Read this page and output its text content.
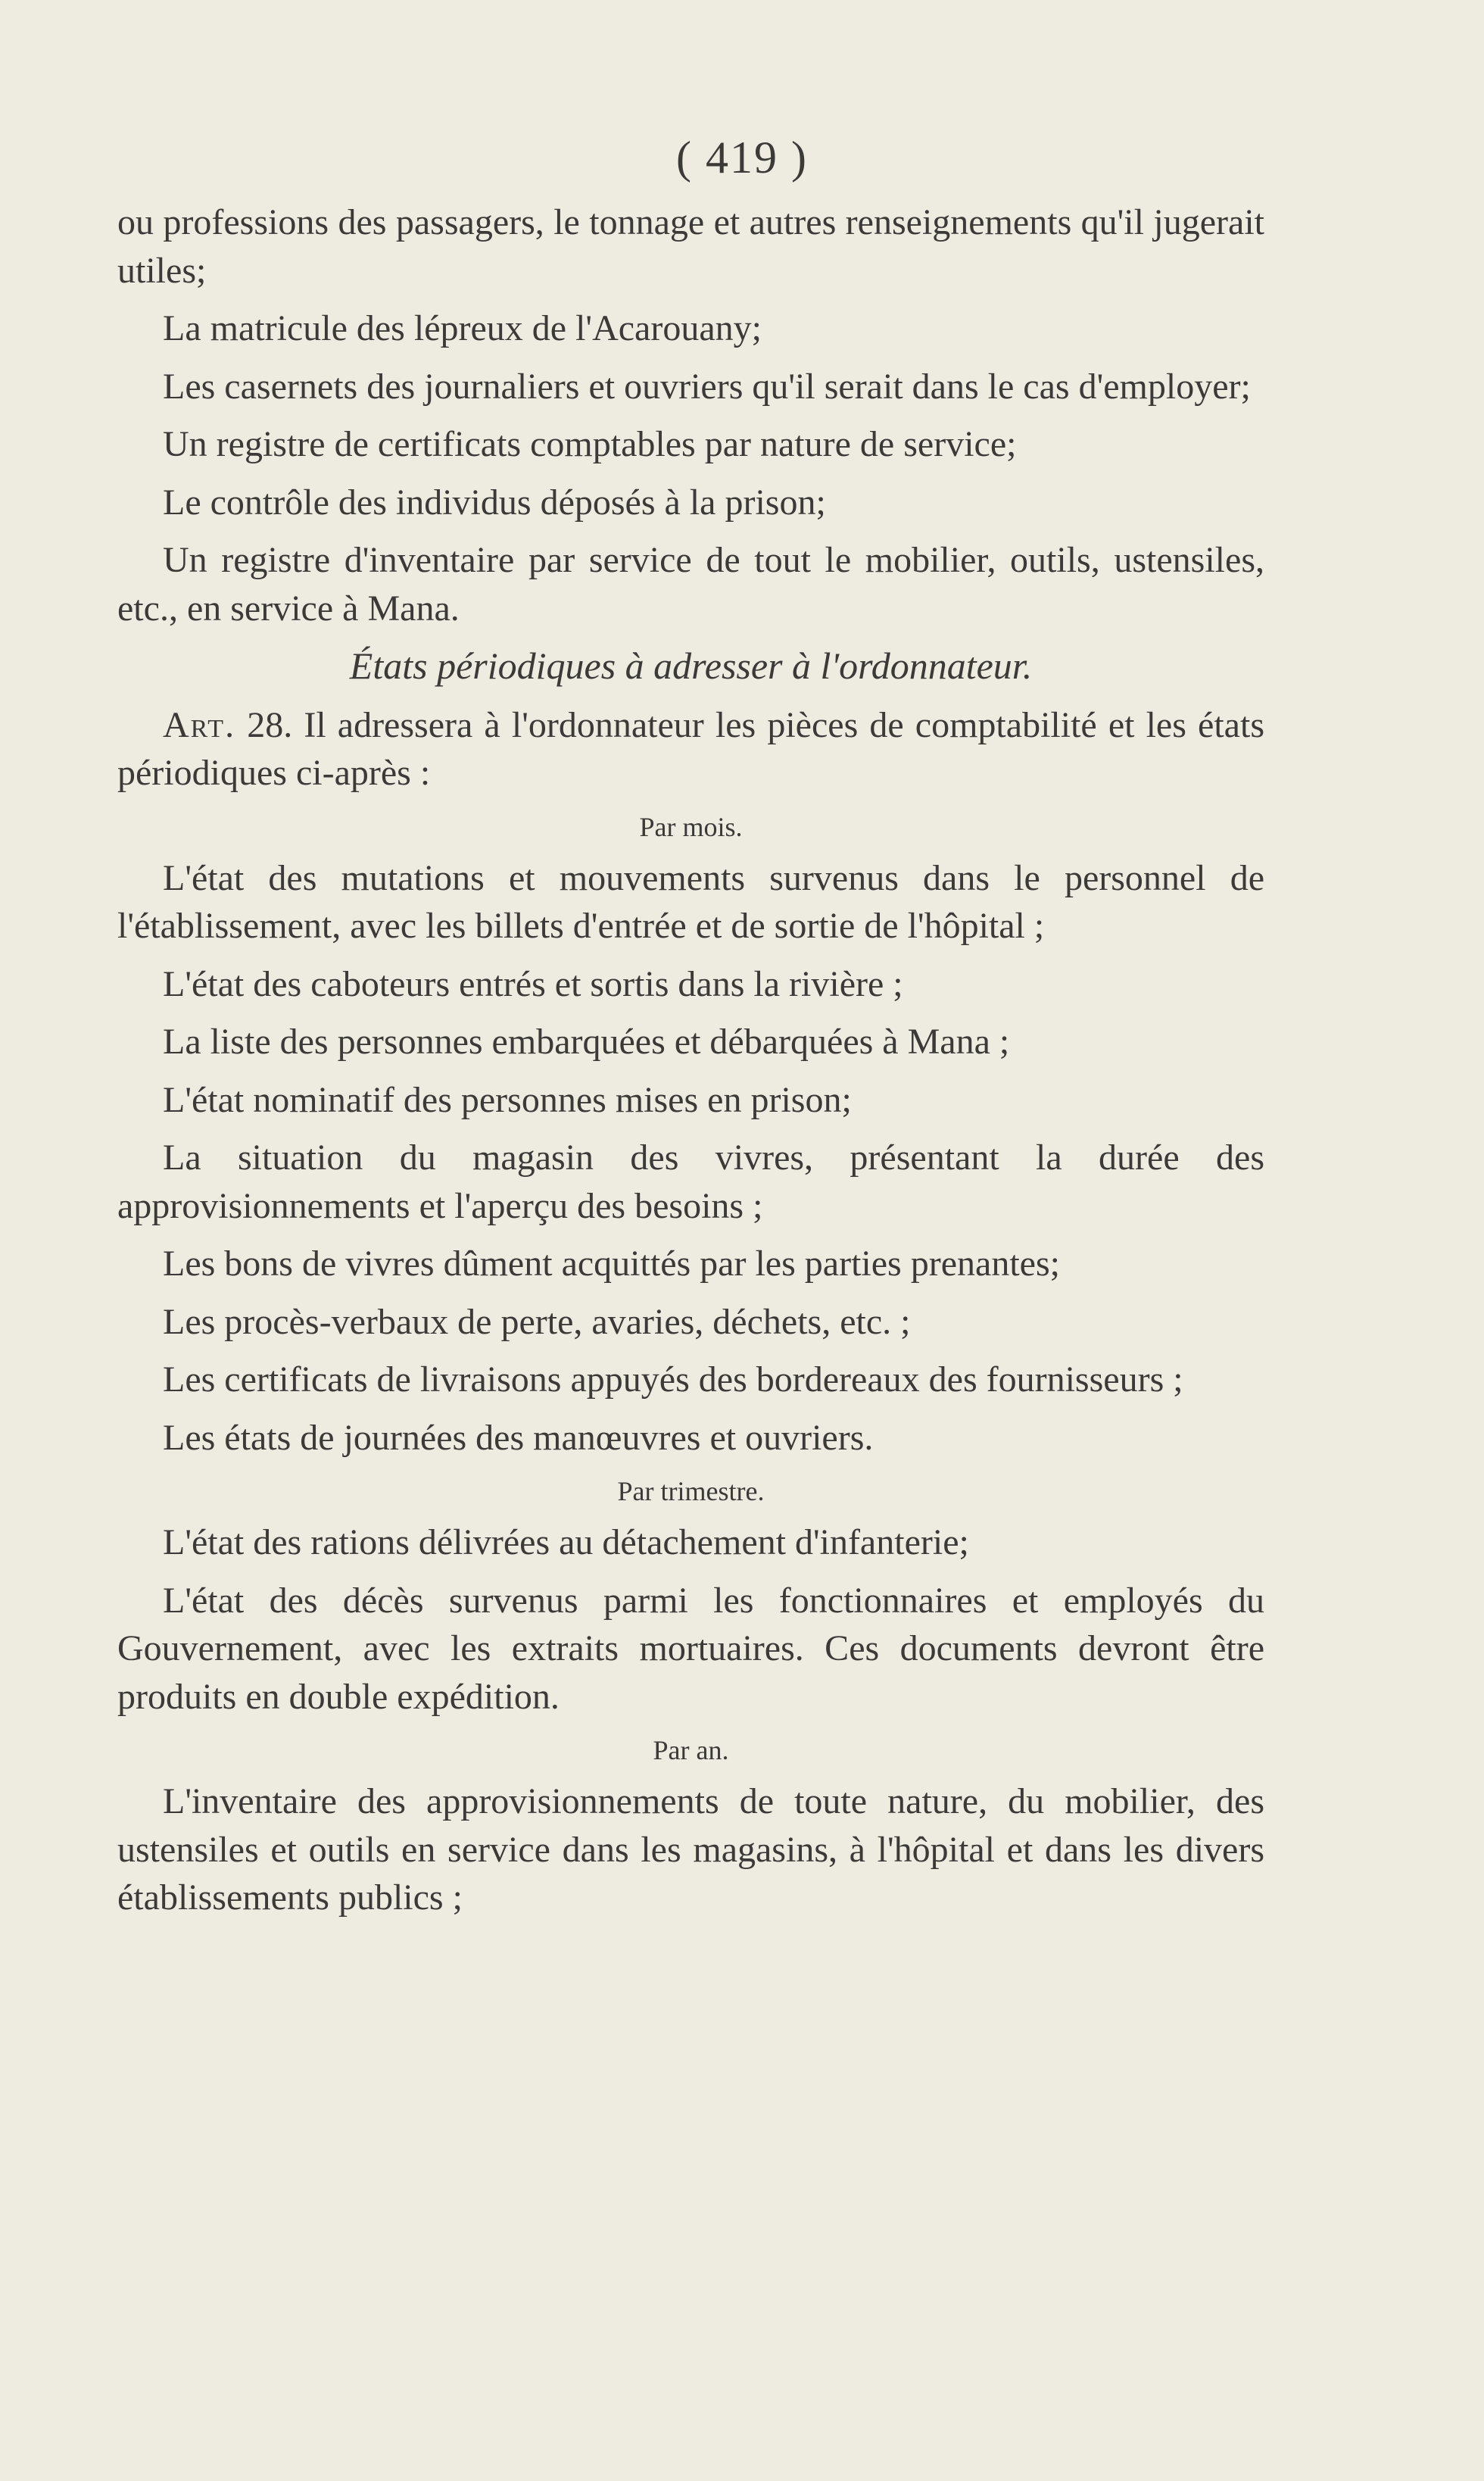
( 419 )

ou professions des passagers, le tonnage et autres renseignements qu'il jugerait utiles;

La matricule des lépreux de l'Acarouany;

Les casernets des journaliers et ouvriers qu'il serait dans le cas d'employer;

Un registre de certificats comptables par nature de service;

Le contrôle des individus déposés à la prison;

Un registre d'inventaire par service de tout le mobilier, outils, ustensiles, etc., en service à Mana.

États périodiques à adresser à l'ordonnateur.

Art. 28. Il adressera à l'ordonnateur les pièces de comptabilité et les états périodiques ci-après :

Par mois.

L'état des mutations et mouvements survenus dans le personnel de l'établissement, avec les billets d'entrée et de sortie de l'hôpital ;

L'état des caboteurs entrés et sortis dans la rivière ;

La liste des personnes embarquées et débarquées à Mana ;

L'état nominatif des personnes mises en prison;

La situation du magasin des vivres, présentant la durée des approvisionnements et l'aperçu des besoins ;

Les bons de vivres dûment acquittés par les parties prenantes;

Les procès-verbaux de perte, avaries, déchets, etc. ;

Les certificats de livraisons appuyés des bordereaux des fournisseurs ;

Les états de journées des manœuvres et ouvriers.

Par trimestre.

L'état des rations délivrées au détachement d'infanterie;

L'état des décès survenus parmi les fonctionnaires et employés du Gouvernement, avec les extraits mortuaires. Ces documents devront être produits en double expédition.

Par an.

L'inventaire des approvisionnements de toute nature, du mobilier, des ustensiles et outils en service dans les magasins, à l'hôpital et dans les divers établissements publics ;
